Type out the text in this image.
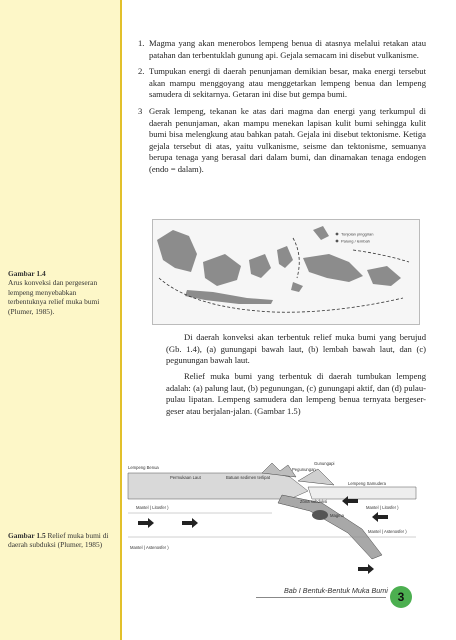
1. Magma yang akan menerobos lempeng benua di atasnya melalui retakan atau patahan dan terbentuklah gunung api. Gejala semacam ini disebut vulkanisme.
2. Tumpukan energi di daerah penunjaman demikian besar, maka energi tersebut akan mampu menggoyang atau menggetarkan lempeng benua dan lempeng samudera di sekitarnya. Getaran ini dise but gempa bumi.
3 Gerak lempeng, tekanan ke atas dari magma dan energi yang terkumpul di daerah penunjaman, akan mampu menekan lapisan kulit bumi sehingga kulit bumi bisa melengkung atau bahkan patah. Gejala ini disebut tektonisme. Ketiga gejala tersebut di atas, yaitu vulkanisme, seisme dan tektonisme, semuanya berupa tenaga yang berasal dari dalam bumi, dan dinamakan tenaga endogen (endo = dalam).
Tonjolan pinggiran
Palung / lembah
Gambar 1.4
Arus konveksi dan pergeseran lempeng menyebabkan terbentuknya relief muka bumi (Plumer, 1985).

Di daerah konveksi akan terbentuk relief muka bumi yang berujud (Gb. 1.4), (a) gunungapi bawah laut, (b) lembah bawah laut, dan (c) pegunungan bawah laut.

Relief muka bumi yang terbentuk di daerah tumbukan lempeng adalah: (a) palung laut, (b) pegunungan, (c) gunungapi aktif, dan (d) pulau-pulau lipatan. Lempeng samudera dan lempeng benua ternyata bergeser-geser atau berjalan-jalan. (Gambar 1.5)

Gunungapi
Pegunungan
Lempeng Benua
Permukaan Laut	Batuan sedimen terlipat
Lempeng Samudera
Mantel ( Litosfer )	Mantel ( Litosfer )
Zona subduksi
Magma
Mantel ( Astenosfer )
Mantel ( Astenosfer )
Gambar 1.5 Relief muka bumi di daerah subduksi (Plumer, 1985)
Bab I Bentuk-Bentuk Muka Bumi 3
